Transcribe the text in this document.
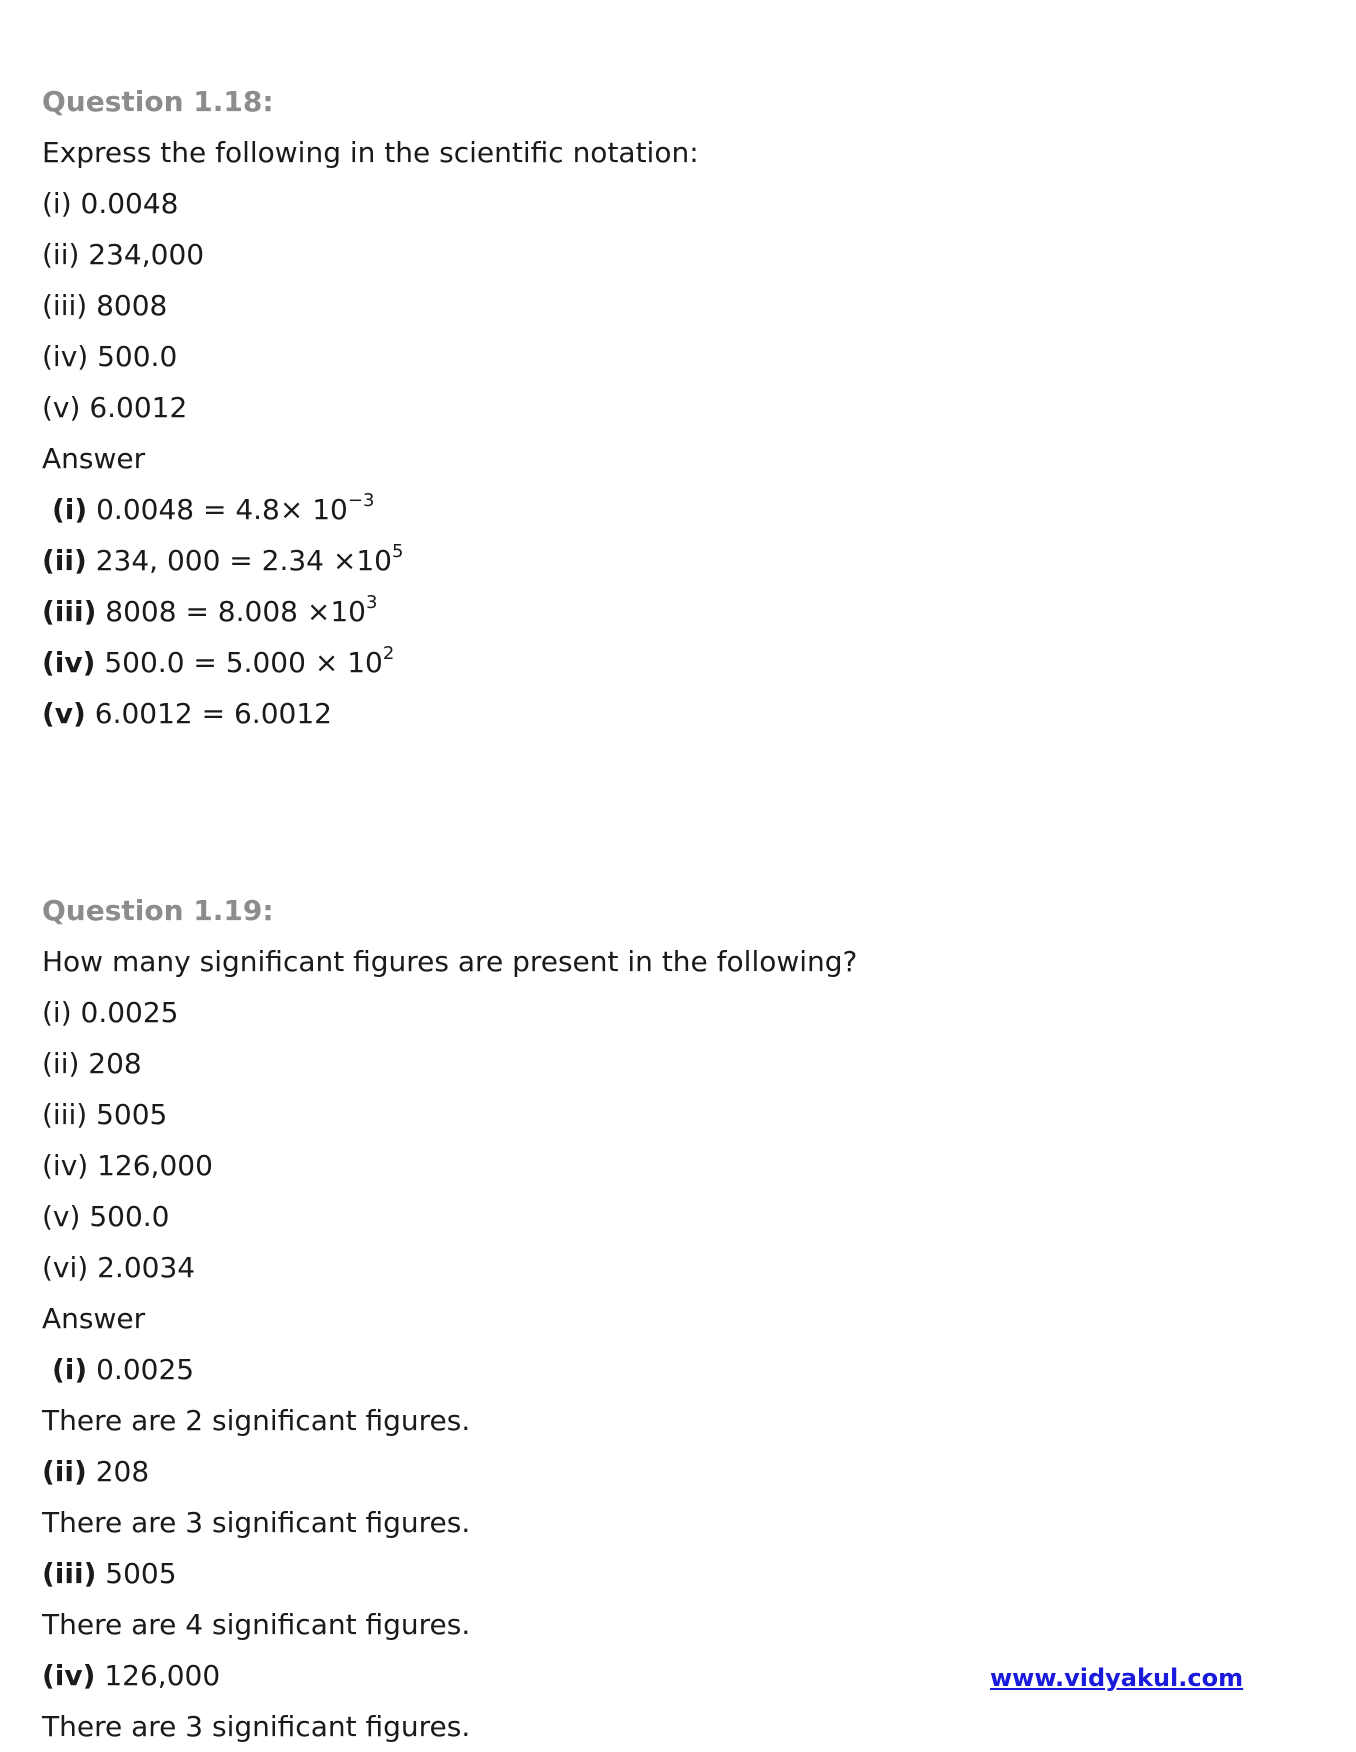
Question 1.18:
Express the following in the scientific notation:
(i) 0.0048
(ii) 234,000
(iii) 8008
(iv) 500.0
(v) 6.0012
Answer
(i) $0.0048 = 4.8\times 10^{-3}$
(ii) 234, $000 = 2.34 \times 10^5$
(iii) $8008 = 8.008 \times 10^3$
(iv) $500.0 = 5.000 \times 10^2$
(v) 6.0012 = 6.0012
Question 1.19:
How many significant figures are present in the following?
(i) 0.0025
(ii) 208
(iii) 5005
(iv) 126,000
(v) 500.0
(vi) 2.0034
Answer
(i) 0.0025
There are 2 significant figures.
(ii) 208
There are 3 significant figures.
(iii) 5005
There are 4 significant figures.
(iv) 126,000
There are 3 significant figures.
www.vidyakul.com
